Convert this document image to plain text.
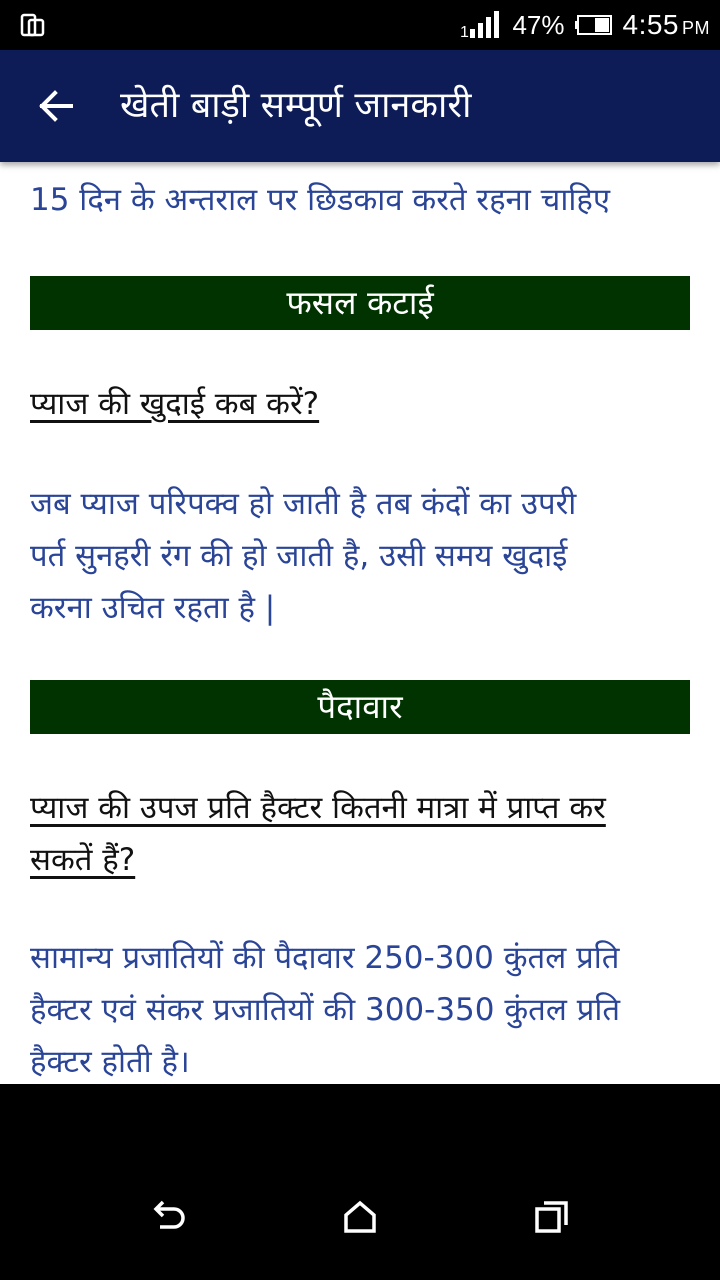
1 47% 4:55 PM
खेती बाड़ी सम्पूर्ण जानकारी
15 दिन के अन्तराल पर छिडकाव करते रहना चाहिए
फसल कटाई
प्याज की खुदाई कब करें?
जब प्याज परिपक्व हो जाती है तब कंदों का उपरी
पर्त सुनहरी रंग की हो जाती है, उसी समय खुदाई
करना उचित रहता है |
पैदावार
प्याज की उपज प्रति हैक्टर कितनी मात्रा में प्राप्त कर
सकतें हैं?
सामान्य प्रजातियों की पैदावार 250-300 कुंतल प्रति
हैक्टर एवं संकर प्रजातियों की 300-350 कुंतल प्रति
हैक्टर होती है।
